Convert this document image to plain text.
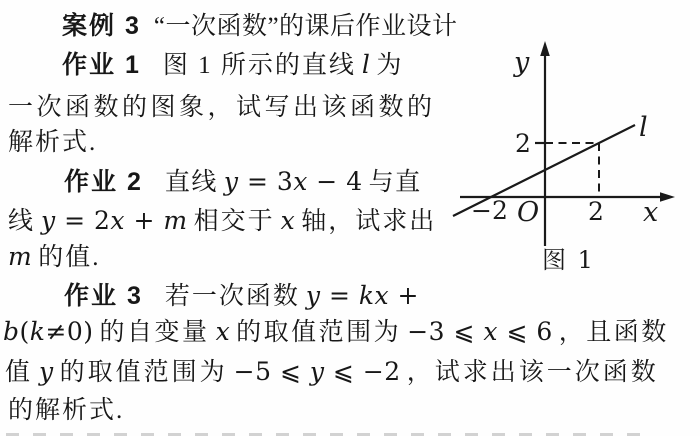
案例 3 “一次函数”的课后作业设计
作业 1 图 1 所示的直线 l 为
一次函数的图象，试写出该函数的
解析式.
作业 2 直线 y = 3x − 4 与直
线 y = 2x + m 相交于 x 轴，试求出
m 的值.
作业 3 若一次函数 y = kx +
b(k≠0) 的自变量 x 的取值范围为 −3 ⩽ x ⩽ 6 ，且函数
值 y 的取值范围为 −5 ⩽ y ⩽ −2 ，试求出该一次函数
的解析式.
y
2
l
−2 O 2 x
图 1
